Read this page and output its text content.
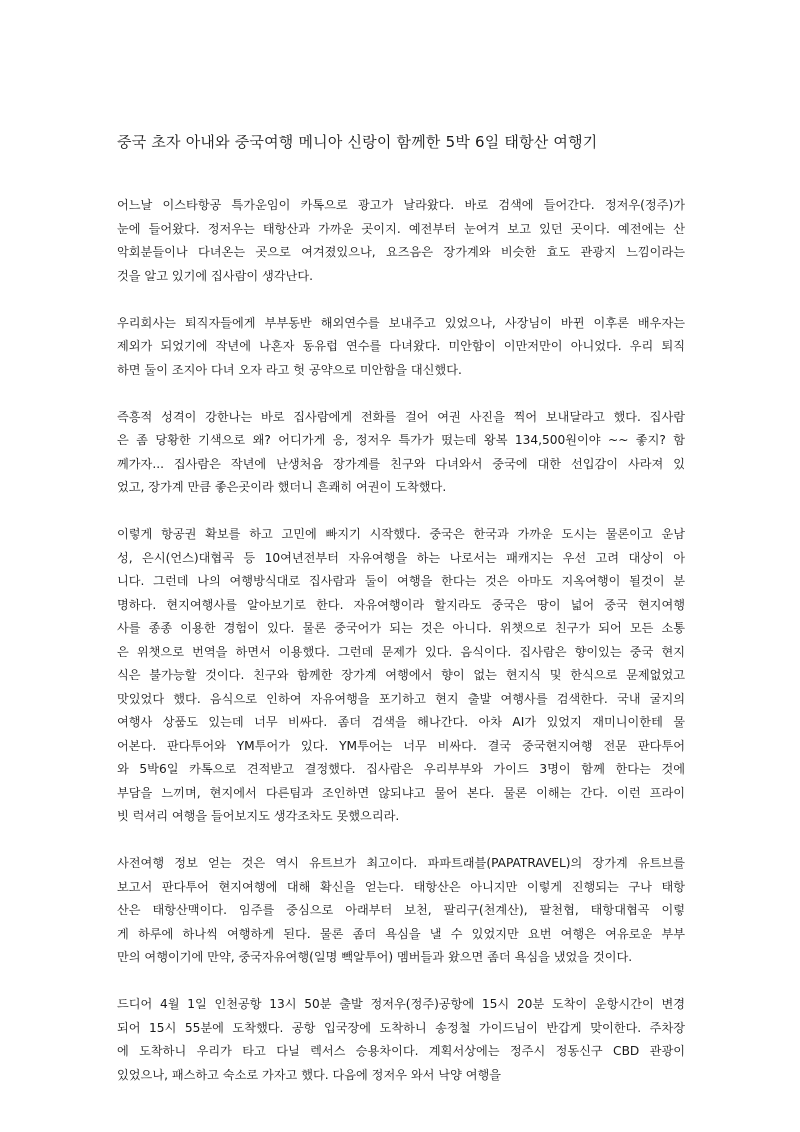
중국 초자 아내와 중국여행 메니아 신랑이 함께한 5박 6일 태항산 여행기

어느날 이스타항공 특가운임이 카톡으로 광고가 날라왔다. 바로 검색에 들어간다. 정저우(정주)가
눈에 들어왔다. 정저우는 태항산과 가까운 곳이지. 예전부터 눈여겨 보고 있던 곳이다. 예전에는 산
악회분들이나 다녀온는 곳으로 여겨졌있으나, 요즈음은 장가계와 비슷한 효도 관광지 느낌이라는
것을 알고 있기에 집사람이 생각난다.

우리회사는 퇴직자들에게 부부동반 해외연수를 보내주고 있었으나, 사장님이 바뀐 이후론 배우자는
제외가 되었기에 작년에 나혼자 동유럽 연수를 다녀왔다. 미안함이 이만저만이 아니었다. 우리 퇴직
하면 둘이 조지아 다녀 오자 라고 헛 공약으로 미안함을 대신했다.

즉흥적 성격이 강한나는 바로 집사람에게 전화를 걸어 여권 사진을 찍어 보내달라고 했다. 집사람
은 좀 당황한 기색으로 왜? 어디가게 응, 정저우 특가가 떴는데 왕복 134,500원이야 ~~ 좋지? 함
께가자... 집사람은 작년에 난생처음 장가계를 친구와 다녀와서 중국에 대한 선입감이 사라져 있
었고, 장가계 만큼 좋은곳이라 했더니 흔쾌히 여권이 도착했다.

이렇게 항공권 확보를 하고 고민에 빠지기 시작했다. 중국은 한국과 가까운 도시는 물론이고 운남
성, 은시(언스)대협곡 등 10여년전부터 자유여행을 하는 나로서는 패캐지는 우선 고려 대상이 아
니다. 그런데 나의 여행방식대로 집사람과 둘이 여행을 한다는 것은 아마도 지옥여행이 될것이 분
명하다. 현지여행사를 알아보기로 한다. 자유여행이라 할지라도 중국은 땅이 넓어 중국 현지여행
사를 종종 이용한 경험이 있다. 물론 중국어가 되는 것은 아니다. 위챗으로 친구가 되어 모든 소통
은 위챗으로 번역을 하면서 이용했다. 그런데 문제가 있다. 음식이다. 집사람은 향이있는 중국 현지
식은 불가능할 것이다. 친구와 함께한 장가계 여행에서 향이 없는 현지식 및 한식으로 문제없었고
맛있었다 했다. 음식으로 인하여 자유여행을 포기하고 현지 출발 여행사를 검색한다. 국내 굴지의
여행사 상품도 있는데 너무 비싸다. 좀더 검색을 해나간다. 아차 AI가 있었지 재미니이한테 물
어본다. 판다투어와 YM투어가 있다. YM투어는 너무 비싸다. 결국 중국현지여행 전문 판다투어
와 5박6일 카톡으로 견적받고 결정했다. 집사람은 우리부부와 가이드 3명이 함께 한다는 것에
부담을 느끼며, 현지에서 다른팀과 조인하면 않되냐고 물어 본다. 물론 이해는 간다. 이런 프라이
빗 럭셔리 여행을 들어보지도 생각조차도 못했으리라.

사전여행 정보 얻는 것은 역시 유트브가 최고이다. 파파트래블(PAPATRAVEL)의 장가계 유트브를
보고서 판다투어 현지여행에 대해 확신을 얻는다. 태항산은 아니지만 이렇게 진행되는 구나 태항
산은 태항산맥이다. 임주를 중심으로 아래부터 보천, 팔리구(천계산), 팔천협, 태항대협곡 이렇
게 하루에 하나씩 여행하게 된다. 물론 좀더 욕심을 낼 수 있었지만 요번 여행은 여유로운 부부
만의 여행이기에 만약, 중국자유여행(일명 빽알투어) 멤버들과 왔으면 좀더 욕심을 냈었을 것이다.

드디어 4월 1일 인천공항 13시 50분 출발 정저우(정주)공항에 15시 20분 도착이 운항시간이 변경
되어 15시 55분에 도착했다. 공항 입국장에 도착하니 송정철 가이드님이 반갑게 맞이한다. 주차장
에 도착하니 우리가 타고 다닐 렉서스 승용차이다. 계획서상에는 정주시 정동신구 CBD 관광이
있었으나, 패스하고 숙소로 가자고 했다. 다음에 정저우 와서 낙양 여행을
